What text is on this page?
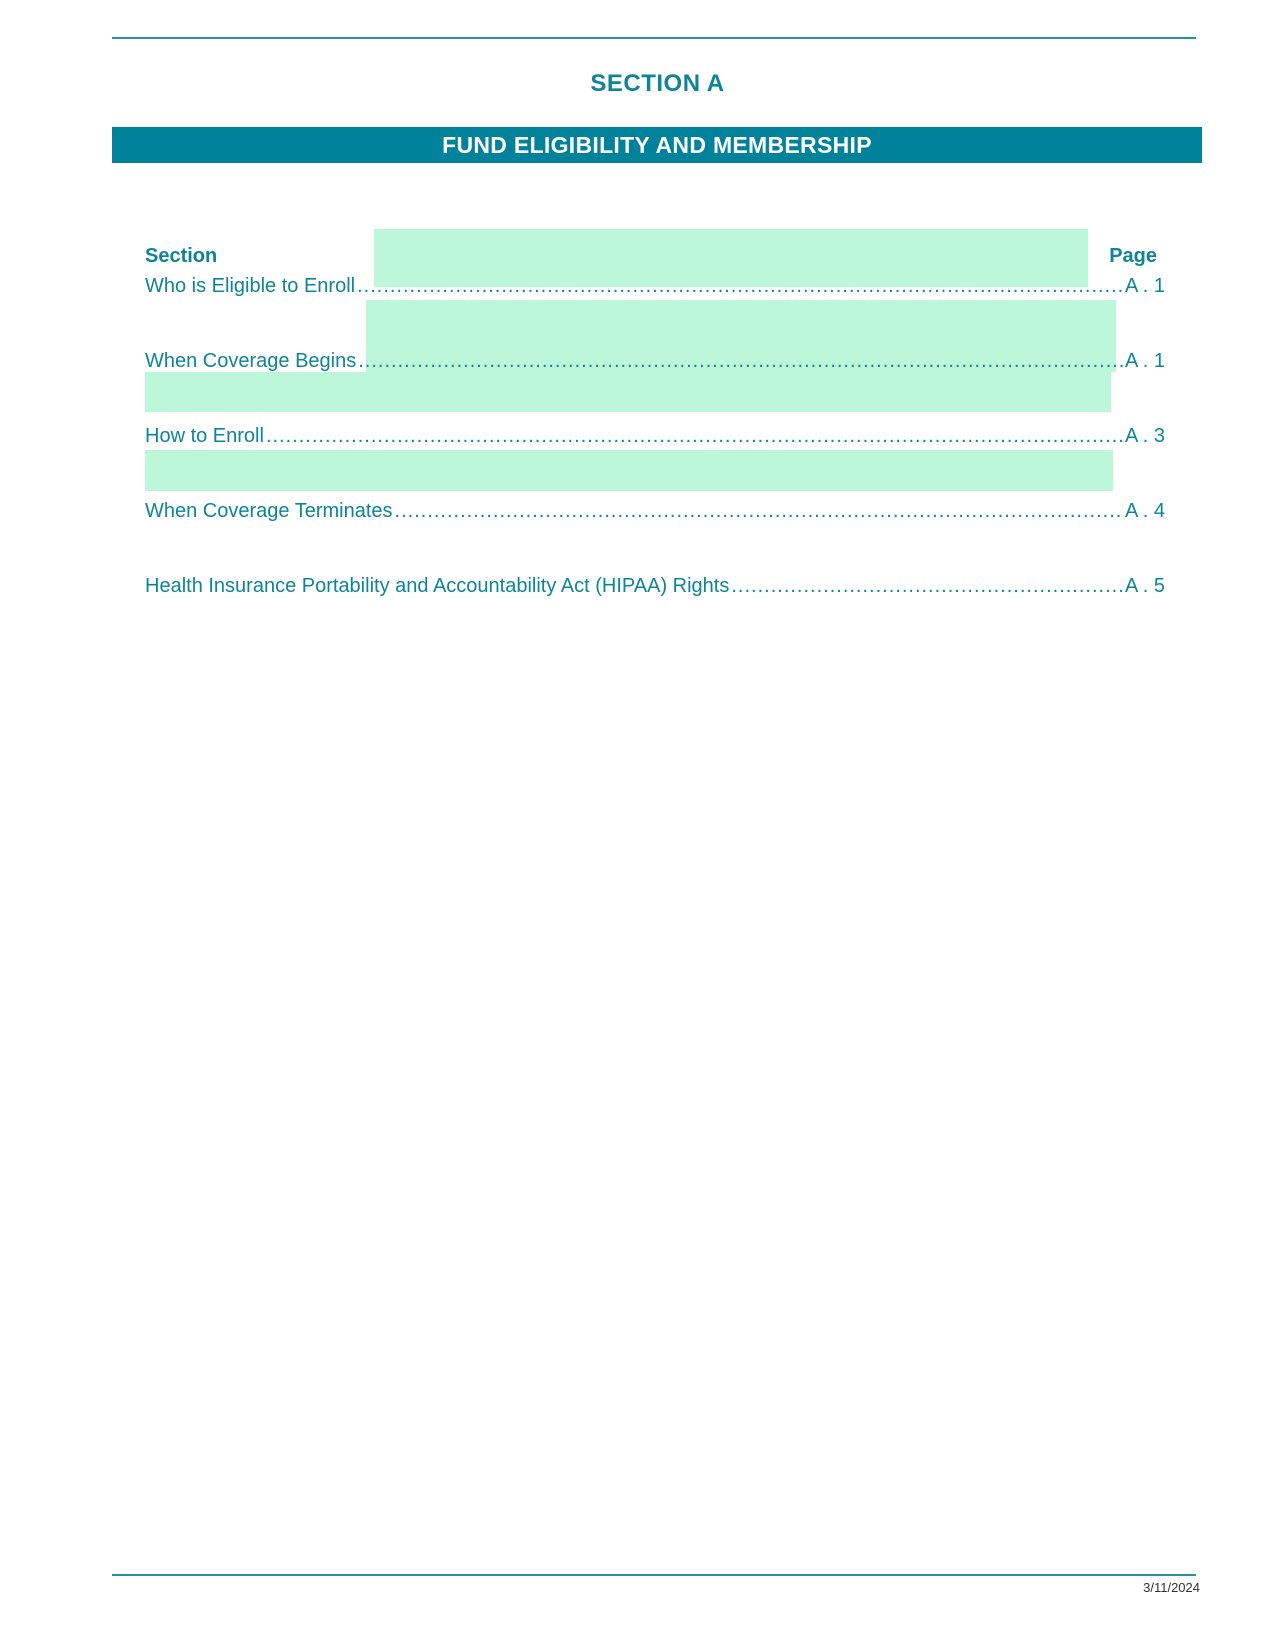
SECTION A
FUND ELIGIBILITY AND MEMBERSHIP
Section	Page
Who is Eligible to Enroll .....	A . 1
When Coverage Begins .....	A . 1
How to Enroll .....	A . 3
When Coverage Terminates .....	A . 4
Health Insurance Portability and Accountability Act (HIPAA) Rights .....	A . 5
3/11/2024
